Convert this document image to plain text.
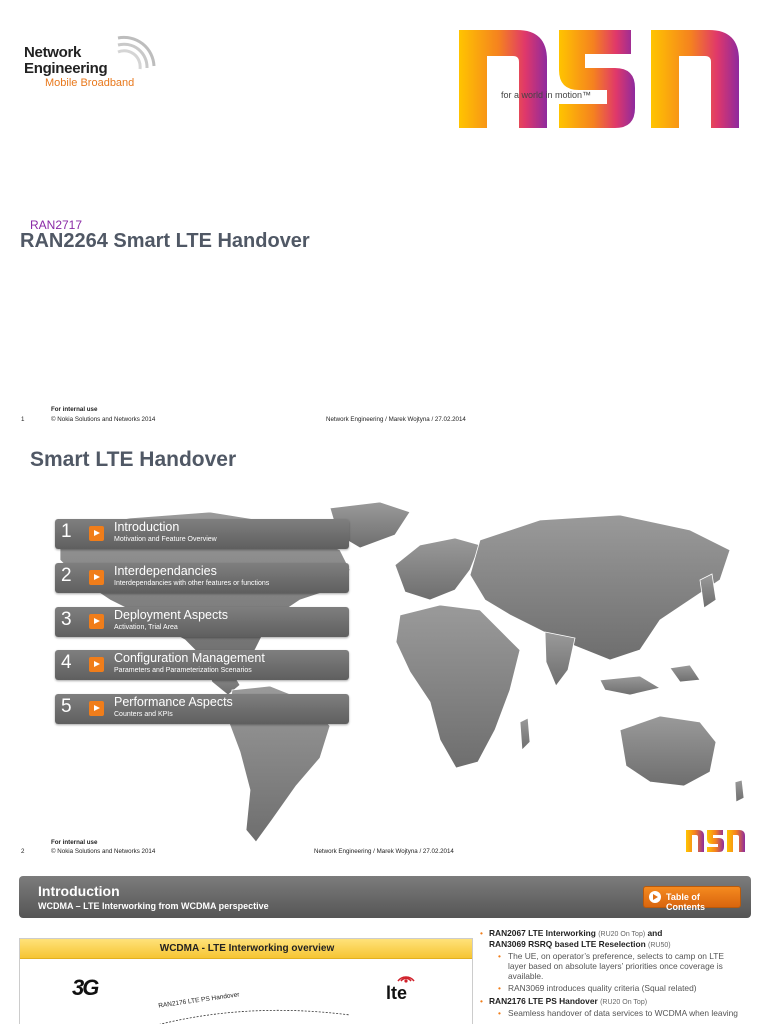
Network
Engineering
Mobile Broadband
for a world in motion™
RAN2717
RAN2264 Smart LTE Handover
1
For internal use
© Nokia Solutions and Networks 2014	Network Engineering / Marek Wojtyna / 27.02.2014
Smart LTE Handover
1	Introduction
Motivation and Feature Overview
2	Interdependancies
Interdependancies with other features or functions
3	Deployment Aspects
Activation, Trial Area
4	Configuration Management
Parameters and Parameterization Scenarios
5	Performance Aspects
Counters and KPIs
2
For internal use
© Nokia Solutions and Networks 2014	Network Engineering / Marek Wojtyna / 27.02.2014
Introduction
WCDMA – LTE Interworking from WCDMA perspective
Table of Contents
WCDMA - LTE Interworking overview
3G	lte
RAN2176 LTE PS Handover
• RAN2067 LTE Interworking (RU20 On Top) and
RAN3069 RSRQ based LTE Reselection (RU50)
• The UE, on operator’s preference, selects to camp on LTE
layer based on absolute layers’ priorities once coverage is
available.
• RAN3069 introduces quality criteria (Squal related)
• RAN2176 LTE PS Handover (RU20 On Top)
• Seamless handover of data services to WCDMA when leaving
